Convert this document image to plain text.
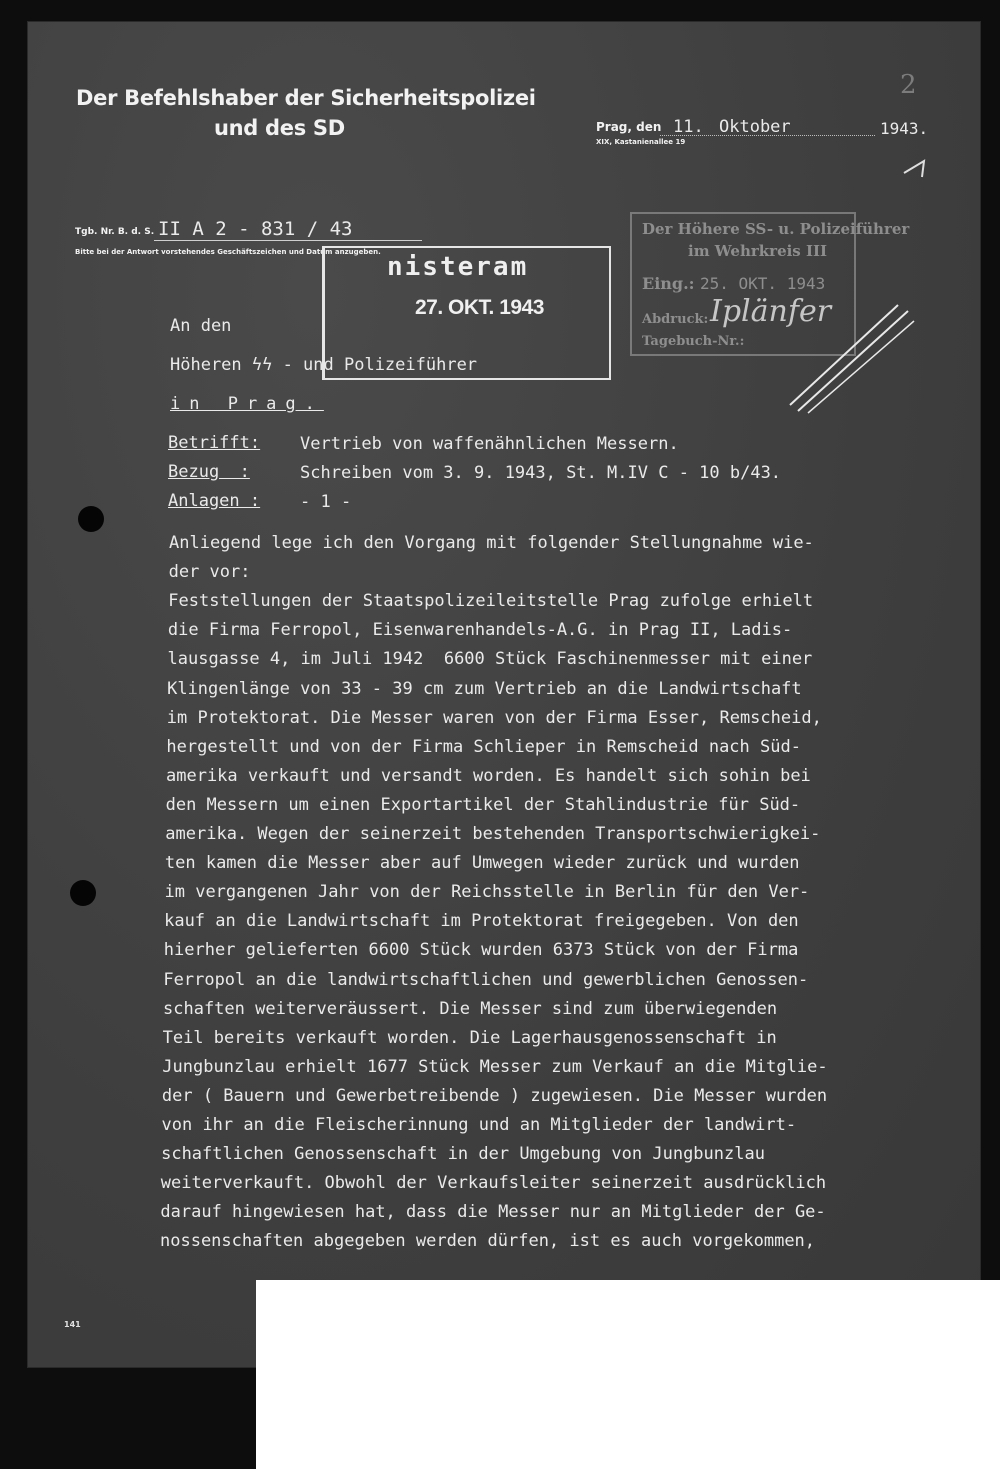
Der Befehlshaber der Sicherheitspolizei
und des SD	Prag, den 11. Oktober	1943.
XIX, Kastanienallee 19
2
Tgb. Nr. B. d. S. II A 2 - 831 / 43
Bitte bei der Antwort vorstehendes Geschäftszeichen und Datum anzugeben. nisteram
27. OKT. 1943
Der Höhere SS- u. Polizeiführer
im Wehrkreis III
Eing.: 25. OKT. 1943
Abdruck: Iplänfer
Tagebuch-Nr.:
An den
Höheren ϟϟ - und Polizeiführer
in Prag.
Betrifft: Vertrieb von waffenähnlichen Messern.
Bezug  :	Schreiben vom 3. 9. 1943, St. M.IV C - 10 b/43.
Anlagen : - 1 -
Anliegend lege ich den Vorgang mit folgender Stellungnahme wie-
der vor:
Feststellungen der Staatspolizeileitstelle Prag zufolge erhielt
die Firma Ferropol, Eisenwarenhandels-A.G. in Prag II, Ladis-
lausgasse 4, im Juli 1942  6600 Stück Faschinenmesser mit einer
Klingenlänge von 33 - 39 cm zum Vertrieb an die Landwirtschaft
im Protektorat. Die Messer waren von der Firma Esser, Remscheid,
hergestellt und von der Firma Schlieper in Remscheid nach Süd-
amerika verkauft und versandt worden. Es handelt sich sohin bei
den Messern um einen Exportartikel der Stahlindustrie für Süd-
amerika. Wegen der seinerzeit bestehenden Transportschwierigkei-
ten kamen die Messer aber auf Umwegen wieder zurück und wurden
im vergangenen Jahr von der Reichsstelle in Berlin für den Ver-
kauf an die Landwirtschaft im Protektorat freigegeben. Von den
hierher gelieferten 6600 Stück wurden 6373 Stück von der Firma
Ferropol an die landwirtschaftlichen und gewerblichen Genossen-
schaften weiterveräussert. Die Messer sind zum überwiegenden
Teil bereits verkauft worden. Die Lagerhausgenossenschaft in
Jungbunzlau erhielt 1677 Stück Messer zum Verkauf an die Mitglie-
der ( Bauern und Gewerbetreibende ) zugewiesen. Die Messer wurden
von ihr an die Fleischerinnung und an Mitglieder der landwirt-
schaftlichen Genossenschaft in der Umgebung von Jungbunzlau
weiterverkauft. Obwohl der Verkaufsleiter seinerzeit ausdrücklich
darauf hingewiesen hat, dass die Messer nur an Mitglieder der Ge-
nossenschaften abgegeben werden dürfen, ist es auch vorgekommen,
141
